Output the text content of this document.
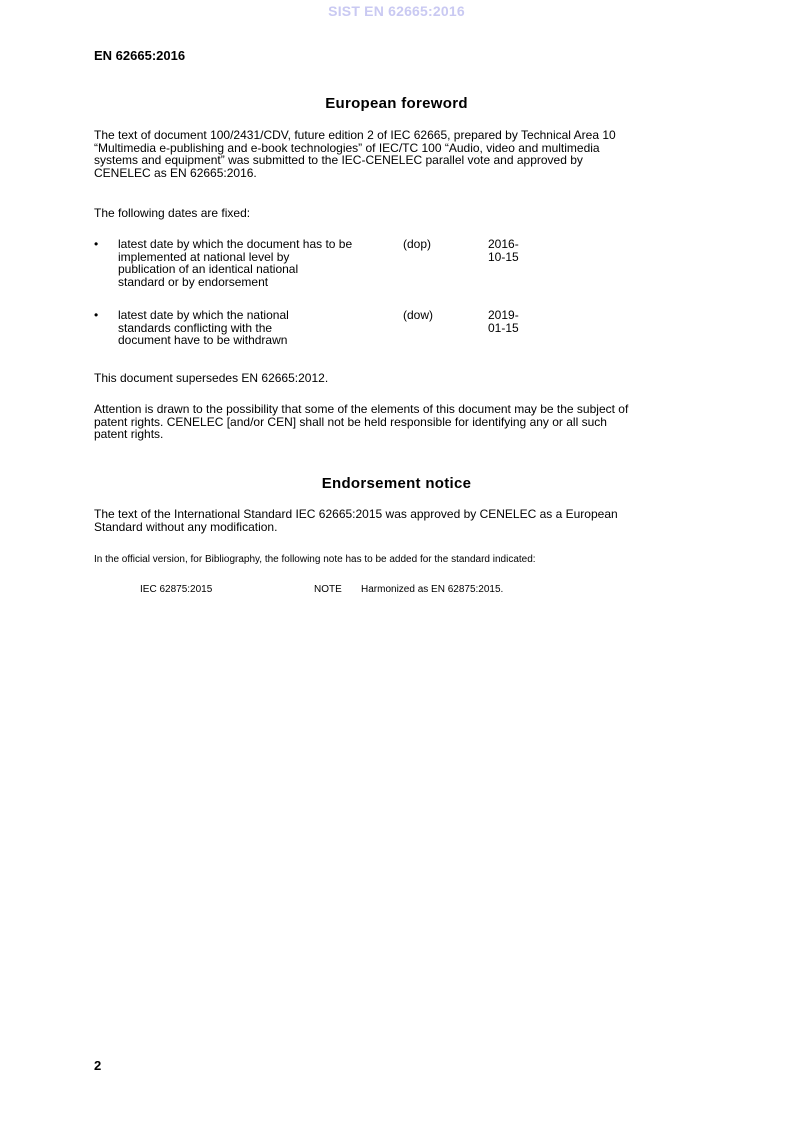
SIST EN 62665:2016
EN 62665:2016
European foreword
The text of document 100/2431/CDV, future edition 2 of IEC 62665, prepared by Technical Area 10
“Multimedia e-publishing and e-book technologies” of IEC/TC 100 “Audio, video and multimedia
systems and equipment” was submitted to the IEC-CENELEC parallel vote and approved by
CENELEC as EN 62665:2016.
The following dates are fixed:
• latest date by which the document has to be
implemented at national level by
publication of an identical national
standard or by endorsement
(dop)	2016-10-15
• latest date by which the national
standards conflicting with the
document have to be withdrawn
(dow)	2019-01-15
This document supersedes EN 62665:2012.
Attention is drawn to the possibility that some of the elements of this document may be the subject of
patent rights. CENELEC [and/or CEN] shall not be held responsible for identifying any or all such
patent rights.
Endorsement notice
The text of the International Standard IEC 62665:2015 was approved by CENELEC as a European
Standard without any modification.
In the official version, for Bibliography, the following note has to be added for the standard indicated:
IEC 62875:2015	NOTE Harmonized as EN 62875:2015.
2
